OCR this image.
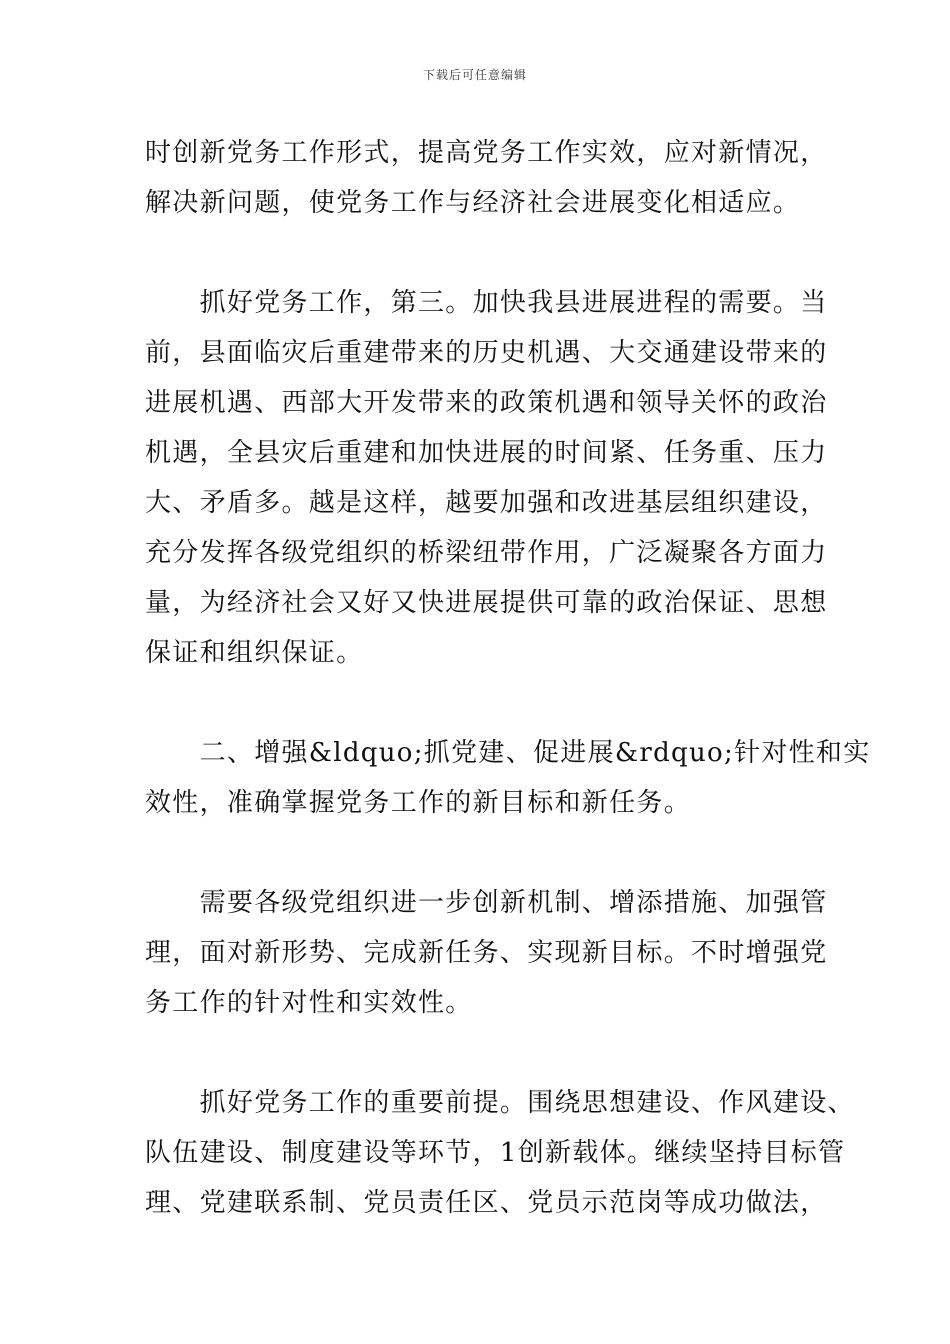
下载后可任意编辑
时创新党务工作形式，提高党务工作实效，应对新情况，
解决新问题，使党务工作与经济社会进展变化相适应。
　　抓好党务工作，第三。加快我县进展进程的需要。当
前，县面临灾后重建带来的历史机遇、大交通建设带来的
进展机遇、西部大开发带来的政策机遇和领导关怀的政治
机遇，全县灾后重建和加快进展的时间紧、任务重、压力
大、矛盾多。越是这样，越要加强和改进基层组织建设，
充分发挥各级党组织的桥梁纽带作用，广泛凝聚各方面力
量，为经济社会又好又快进展提供可靠的政治保证、思想
保证和组织保证。
　　二、增强&ldquo;抓党建、促进展&rdquo;针对性和实
效性，准确掌握党务工作的新目标和新任务。
　　需要各级党组织进一步创新机制、增添措施、加强管
理，面对新形势、完成新任务、实现新目标。不时增强党
务工作的针对性和实效性。
　　抓好党务工作的重要前提。围绕思想建设、作风建设、
队伍建设、制度建设等环节，1创新载体。继续坚持目标管
理、党建联系制、党员责任区、党员示范岗等成功做法，
